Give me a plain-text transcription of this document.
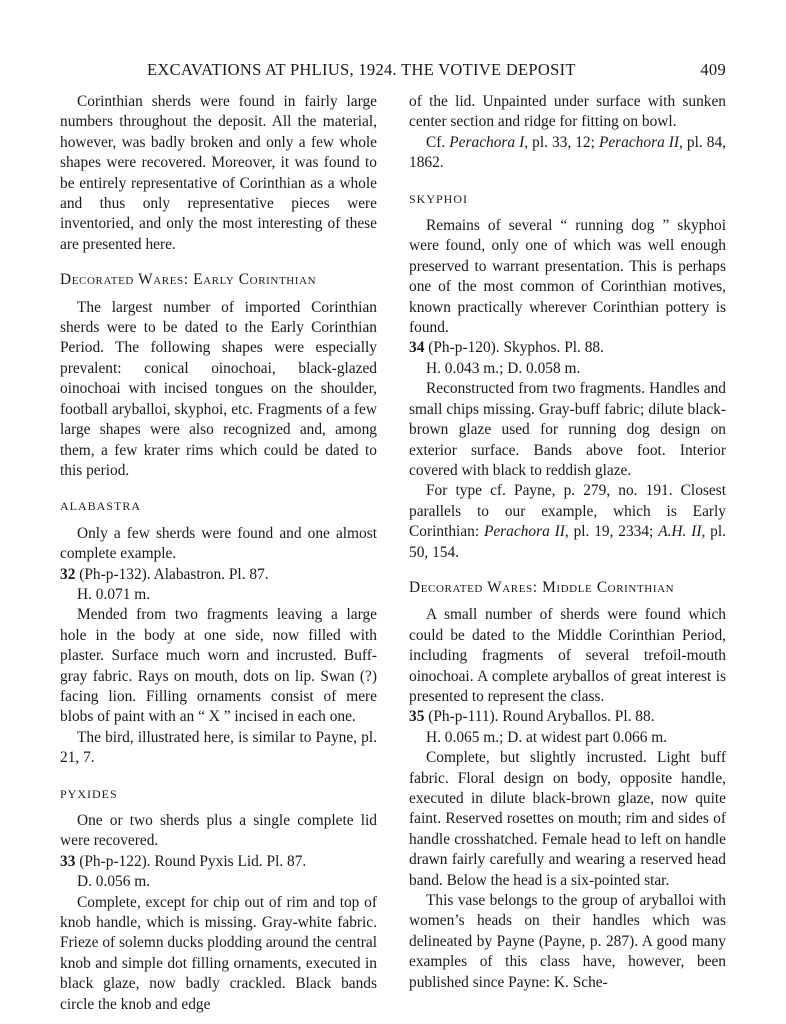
EXCAVATIONS AT PHLIUS, 1924. THE VOTIVE DEPOSIT	409

Corinthian sherds were found in fairly large numbers throughout the deposit. All the material, however, was badly broken and only a few whole shapes were recovered. Moreover, it was found to be entirely representative of Corinthian as a whole and thus only representative pieces were inventoried, and only the most interesting of these are presented here.

Decorated Wares: Early Corinthian

The largest number of imported Corinthian sherds were to be dated to the Early Corinthian Period. The following shapes were especially prevalent: conical oinochoai, black-glazed oinochoai with incised tongues on the shoulder, football aryballoi, skyphoi, etc. Fragments of a few large shapes were also recognized and, among them, a few krater rims which could be dated to this period.

ALABASTRA

Only a few sherds were found and one almost complete example.

32 (Ph-p-132). Alabastron. Pl. 87.

H. 0.071 m.

Mended from two fragments leaving a large hole in the body at one side, now filled with plaster. Surface much worn and incrusted. Buff-gray fabric. Rays on mouth, dots on lip. Swan (?) facing lion. Filling ornaments consist of mere blobs of paint with an “ X ” incised in each one.

The bird, illustrated here, is similar to Payne, pl. 21, 7.

PYXIDES

One or two sherds plus a single complete lid were recovered.

33 (Ph-p-122). Round Pyxis Lid. Pl. 87.

D. 0.056 m.

Complete, except for chip out of rim and top of knob handle, which is missing. Gray-white fabric. Frieze of solemn ducks plodding around the central knob and simple dot filling ornaments, executed in black glaze, now badly crackled. Black bands circle the knob and edge

of the lid. Unpainted under surface with sunken center section and ridge for fitting on bowl.

Cf. Perachora I, pl. 33, 12; Perachora II, pl. 84, 1862.

SKYPHOI

Remains of several “ running dog ” skyphoi were found, only one of which was well enough preserved to warrant presentation. This is perhaps one of the most common of Corinthian motives, known practically wherever Corinthian pottery is found.

34 (Ph-p-120). Skyphos. Pl. 88.

H. 0.043 m.; D. 0.058 m.

Reconstructed from two fragments. Handles and small chips missing. Gray-buff fabric; dilute black-brown glaze used for running dog design on exterior surface. Bands above foot. Interior covered with black to reddish glaze.

For type cf. Payne, p. 279, no. 191. Closest parallels to our example, which is Early Corinthian: Perachora II, pl. 19, 2334; A.H. II, pl. 50, 154.

Decorated Wares: Middle Corinthian

A small number of sherds were found which could be dated to the Middle Corinthian Period, including fragments of several trefoil-mouth oinochoai. A complete aryballos of great interest is presented to represent the class.

35 (Ph-p-111). Round Aryballos. Pl. 88.

H. 0.065 m.; D. at widest part 0.066 m.

Complete, but slightly incrusted. Light buff fabric. Floral design on body, opposite handle, executed in dilute black-brown glaze, now quite faint. Reserved rosettes on mouth; rim and sides of handle crosshatched. Female head to left on handle drawn fairly carefully and wearing a reserved head band. Below the head is a six-pointed star.

This vase belongs to the group of aryballoi with women’s heads on their handles which was delineated by Payne (Payne, p. 287). A good many examples of this class have, however, been published since Payne: K. Sche-
